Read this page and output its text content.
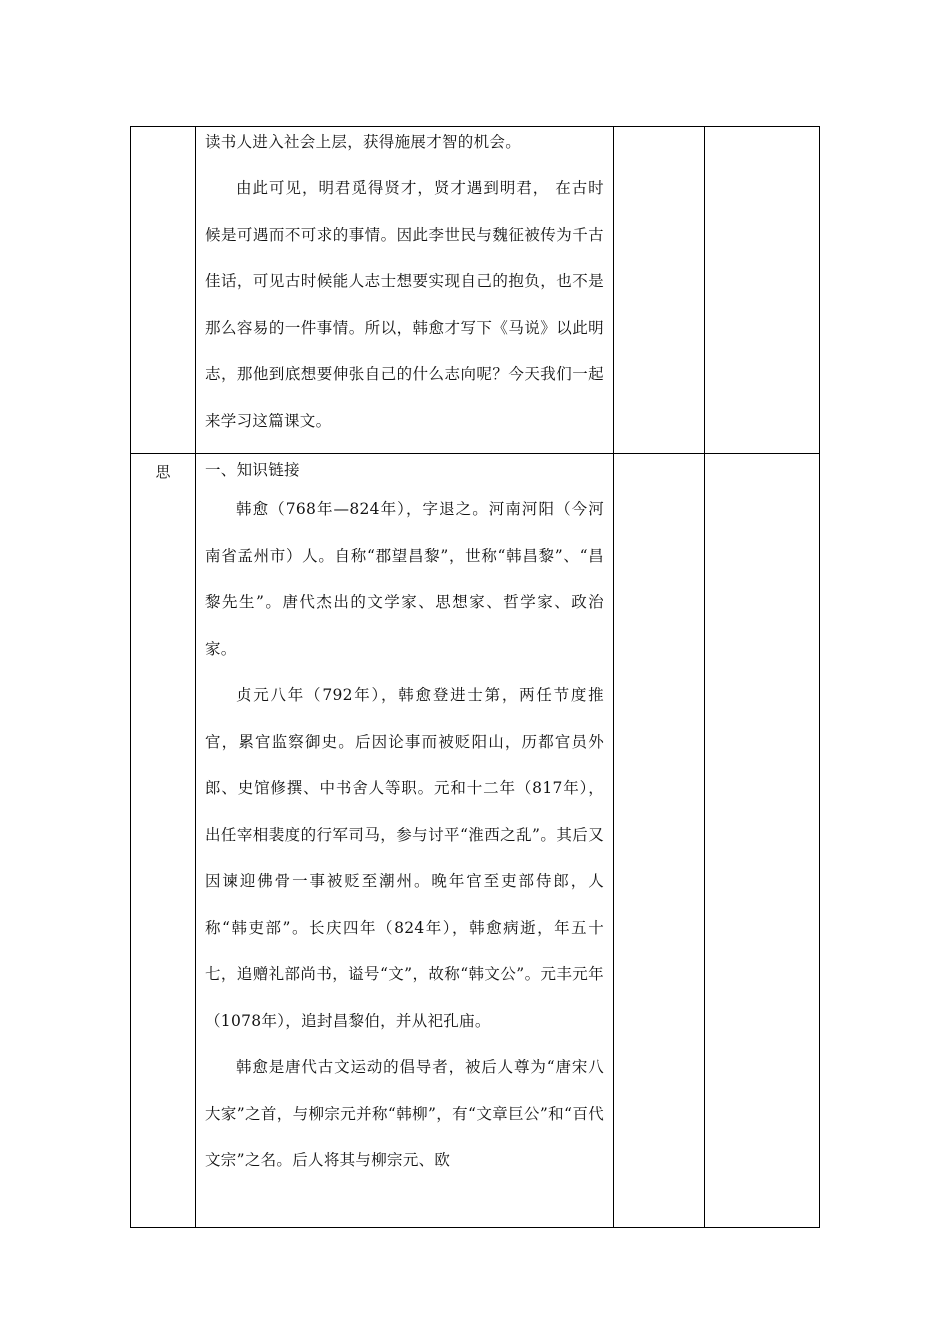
	读书人进入社会上层，获得施展才智的机会。

由此可见，明君觅得贤才，贤才遇到明君， 在古时候是可遇而不可求的事情。因此李世民与魏征被传为千古佳话，可见古时候能人志士想要实现自己的抱负，也不是那么容易的一件事情。所以，韩愈才写下《马说》以此明志，那他到底想要伸张自己的什么志向呢？今天我们一起来学习这篇课文。		

思	一、知识链接

韩愈（768年—824年），字退之。河南河阳（今河南省孟州市）人。自称“郡望昌黎”，世称“韩昌黎”、“昌黎先生”。唐代杰出的文学家、思想家、哲学家、政治家。

贞元八年（792年），韩愈登进士第，两任节度推官，累官监察御史。后因论事而被贬阳山，历都官员外郎、史馆修撰、中书舍人等职。元和十二年（817年），出任宰相裴度的行军司马，参与讨平“淮西之乱”。其后又因谏迎佛骨一事被贬至潮州。晚年官至吏部侍郎，人称“韩吏部”。长庆四年（824年），韩愈病逝，年五十七，追赠礼部尚书，谥号“文”，故称“韩文公”。元丰元年（1078年），追封昌黎伯，并从祀孔庙。

韩愈是唐代古文运动的倡导者，被后人尊为“唐宋八大家”之首，与柳宗元并称“韩柳”，有“文章巨公”和“百代文宗”之名。后人将其与柳宗元、欧		
